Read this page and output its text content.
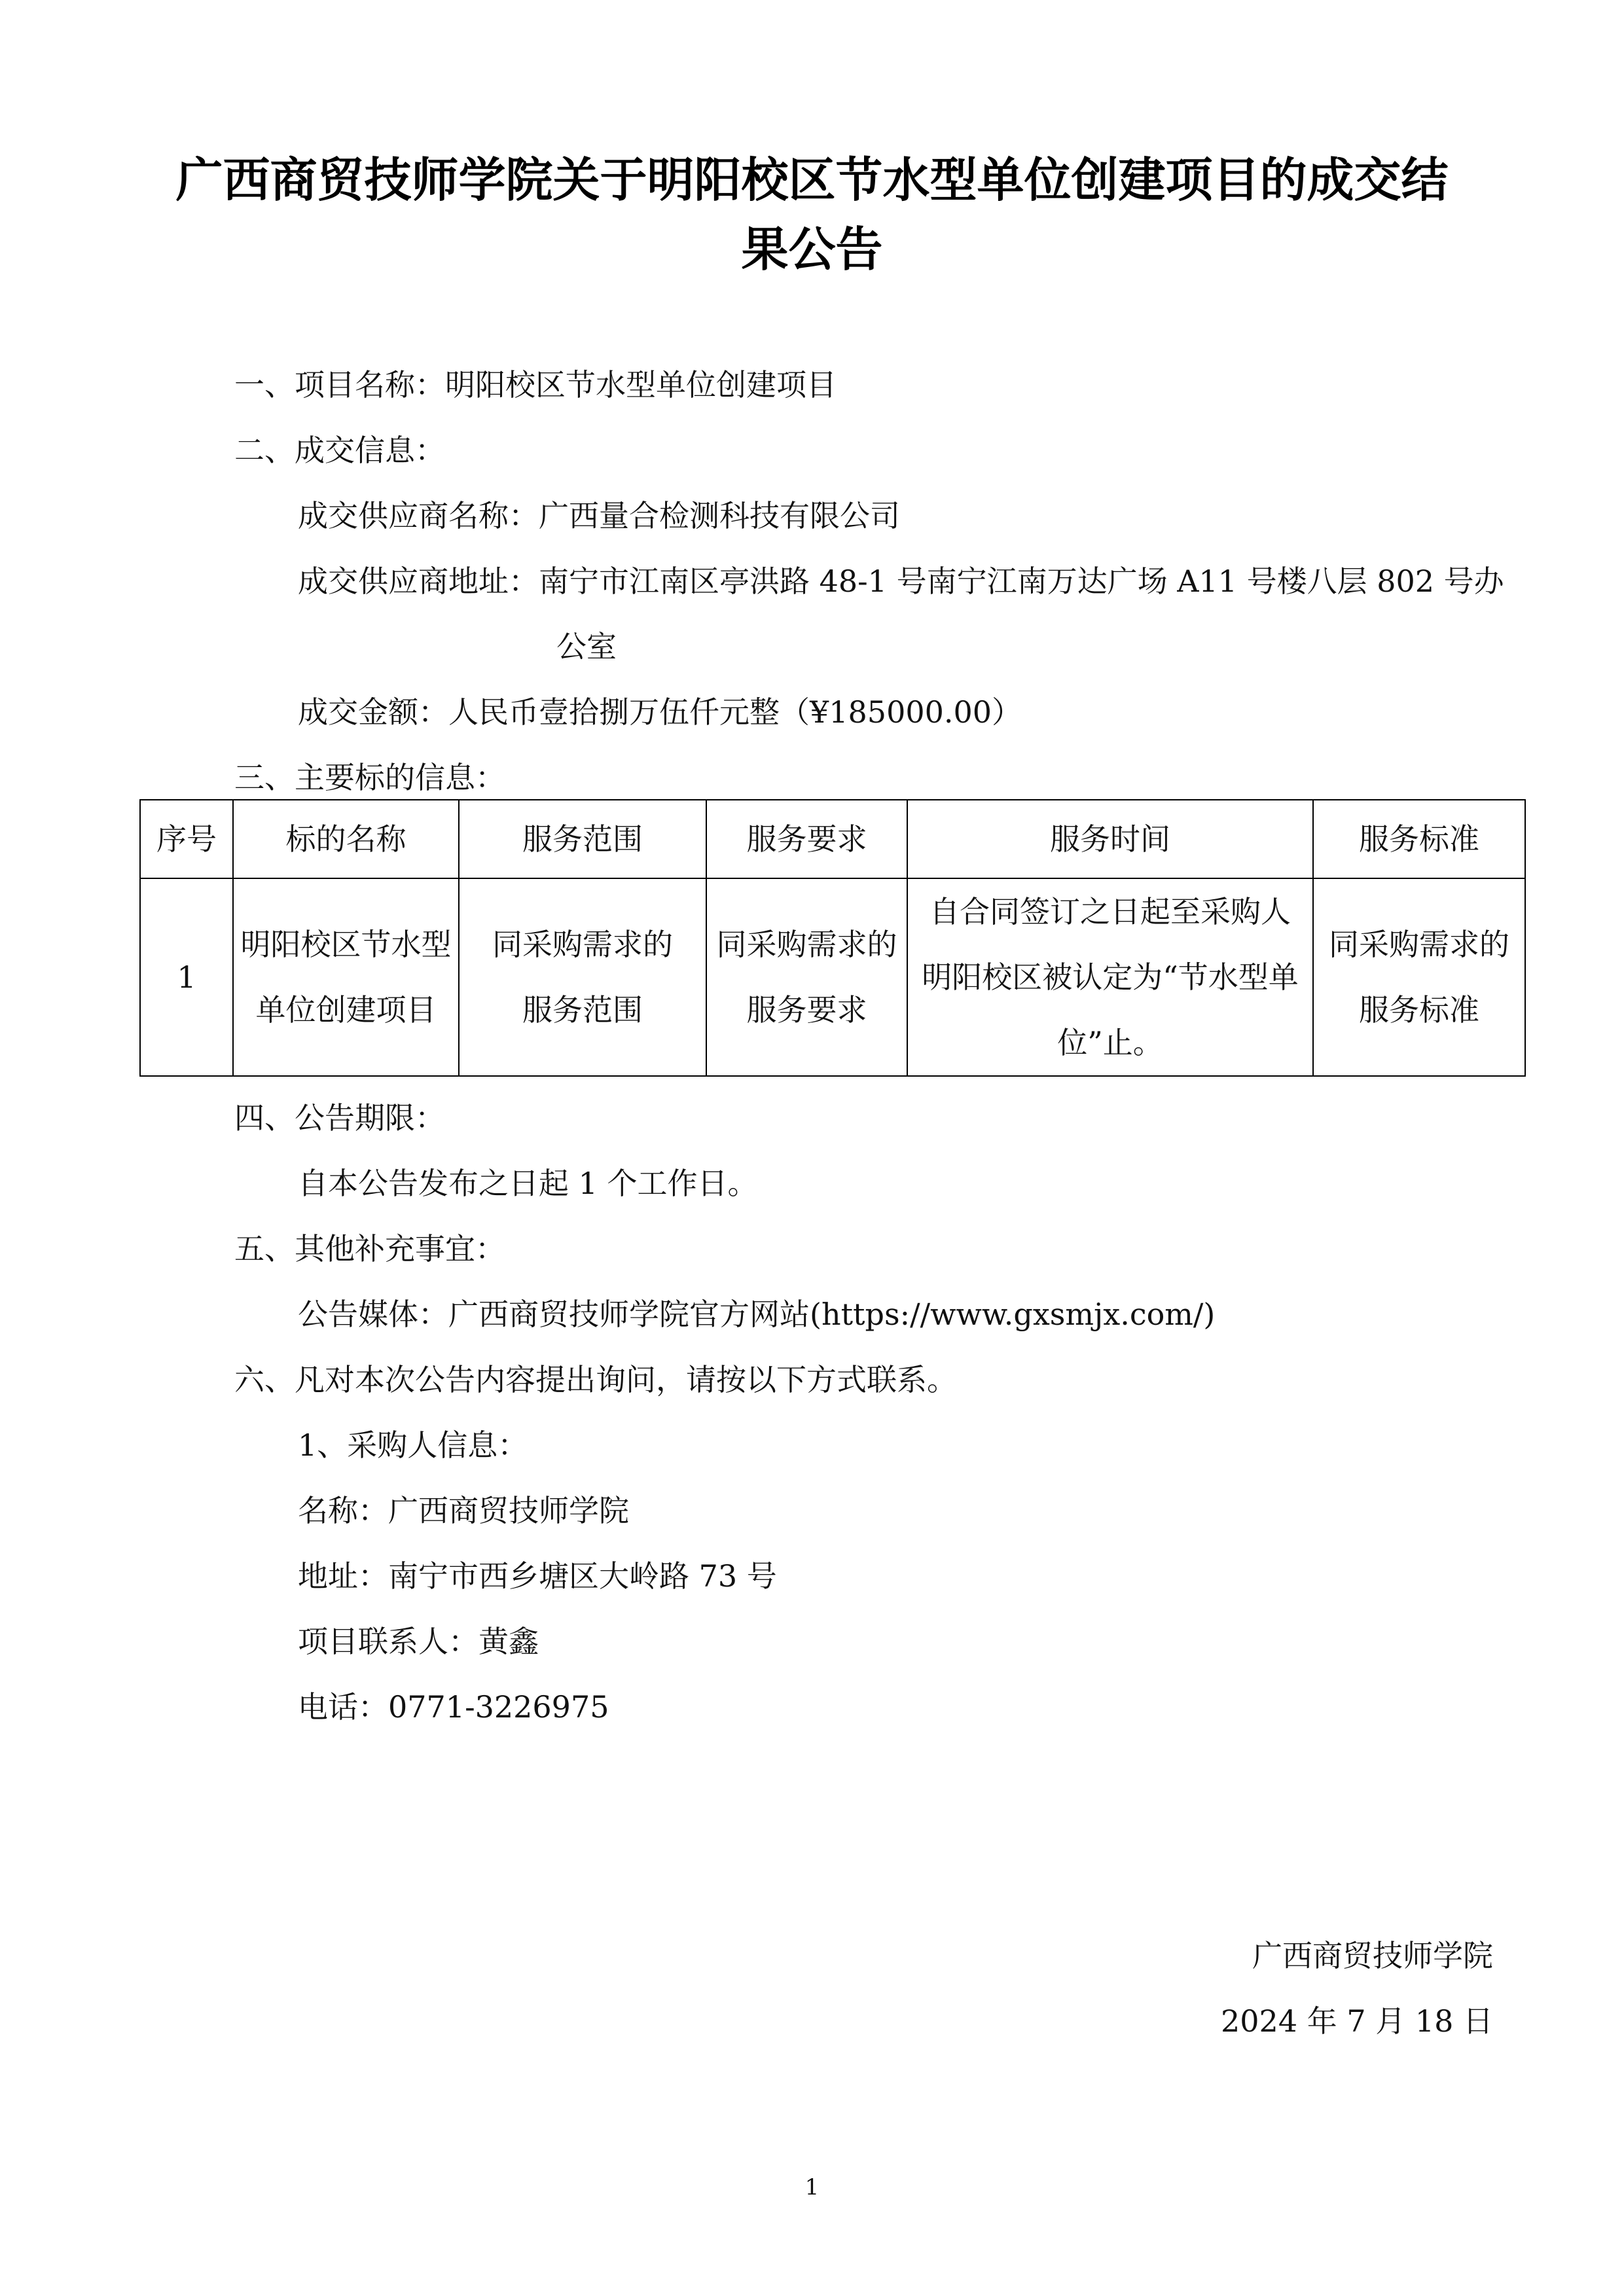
广西商贸技师学院关于明阳校区节水型单位创建项目的成交结
果公告
一、项目名称：明阳校区节水型单位创建项目
二、成交信息：
成交供应商名称：广西量合检测科技有限公司
成交供应商地址：南宁市江南区亭洪路 48-1 号南宁江南万达广场 A11 号楼八层 802 号办
公室
成交金额：人民币壹拾捌万伍仟元整（¥185000.00）
三、主要标的信息：
序号	标的名称	服务范围	服务要求	服务时间	服务标准
1	明阳校区节水型单位创建项目	同采购需求的服务范围	同采购需求的服务要求	自合同签订之日起至采购人明阳校区被认定为“节水型单位”止。	同采购需求的服务标准
四、公告期限：
自本公告发布之日起 1 个工作日。
五、其他补充事宜：
公告媒体：广西商贸技师学院官方网站(https://www.gxsmjx.com/)
六、凡对本次公告内容提出询问，请按以下方式联系。
1、采购人信息：
名称：广西商贸技师学院
地址：南宁市西乡塘区大岭路 73 号
项目联系人：黄鑫
电话：0771-3226975
广西商贸技师学院
2024 年 7 月 18 日
1
